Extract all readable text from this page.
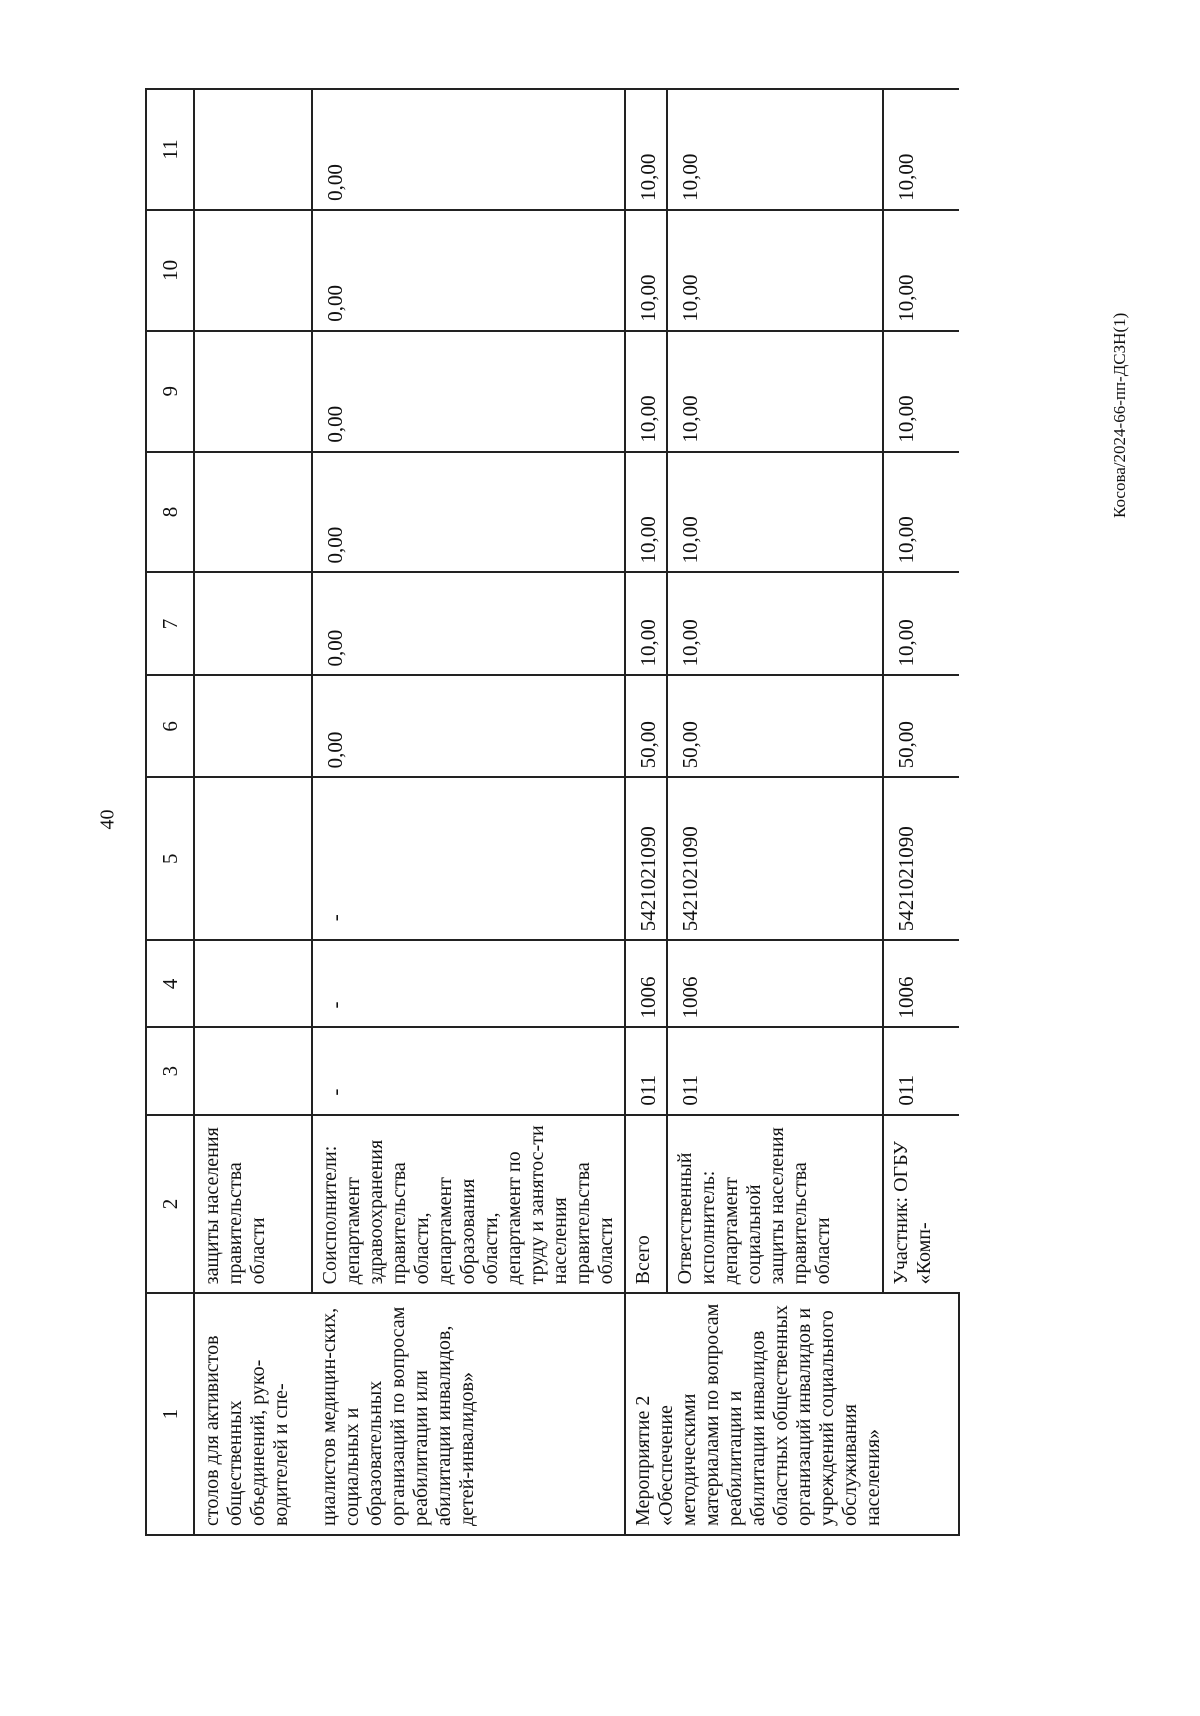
40
Косова/2024-66-пп-ДСЗН(1)
1	2	3	4	5	6	7	8	9	10	11
столов для активистов общественных объединений, руко-водителей и спе-	защиты населения правительства области									
циалистов медицин-ских, социальных и образовательных организаций по вопросам реабилитации или абилитации инвалидов, детей-инвалидов»	Соисполнители: департамент здравоохранения правительства области, департамент образования области, департамент по труду и занятос-ти населения правительства области	-	-	-	0,00	0,00	0,00	0,00	0,00	0,00
Мероприятие 2 «Обеспечение методическими материалами по вопросам реабилитации и абилитации инвалидов областных общественных организаций инвалидов и учреждений социального обслуживания населения»	Всего	011	1006	5421021090	50,00	10,00	10,00	10,00	10,00	10,00
	Ответственный исполнитель: департамент социальной защиты населения правительства области	011	1006	5421021090	50,00	10,00	10,00	10,00	10,00	10,00
	Участник: ОГБУ «Комп-	011	1006	5421021090	50,00	10,00	10,00	10,00	10,00	10,00
